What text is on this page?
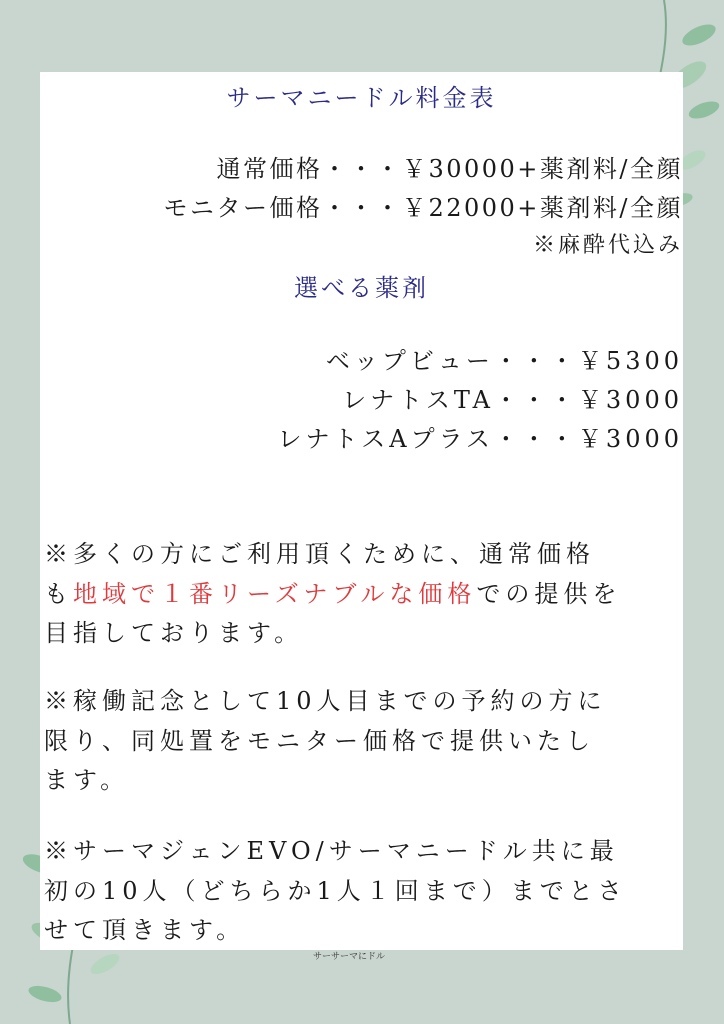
サーマニードル料金表
通常価格・・・￥30000+薬剤料/全顔
モニター価格・・・￥22000+薬剤料/全顔
※麻酔代込み
選べる薬剤
ベップビュー・・・￥5300
レナトスTA・・・￥3000
レナトスAプラス・・・￥3000
※多くの方にご利用頂くために、通常価格
も地域で１番リーズナブルな価格での提供を
目指しております。
※稼働記念として10人目までの予約の方に
限り、同処置をモニター価格で提供いたし
ます。
※サーマジェンEVO/サーマニードル共に最
初の10人（どちらか1人１回まで）までとさ
せて頂きます。
サーサーマにドル
